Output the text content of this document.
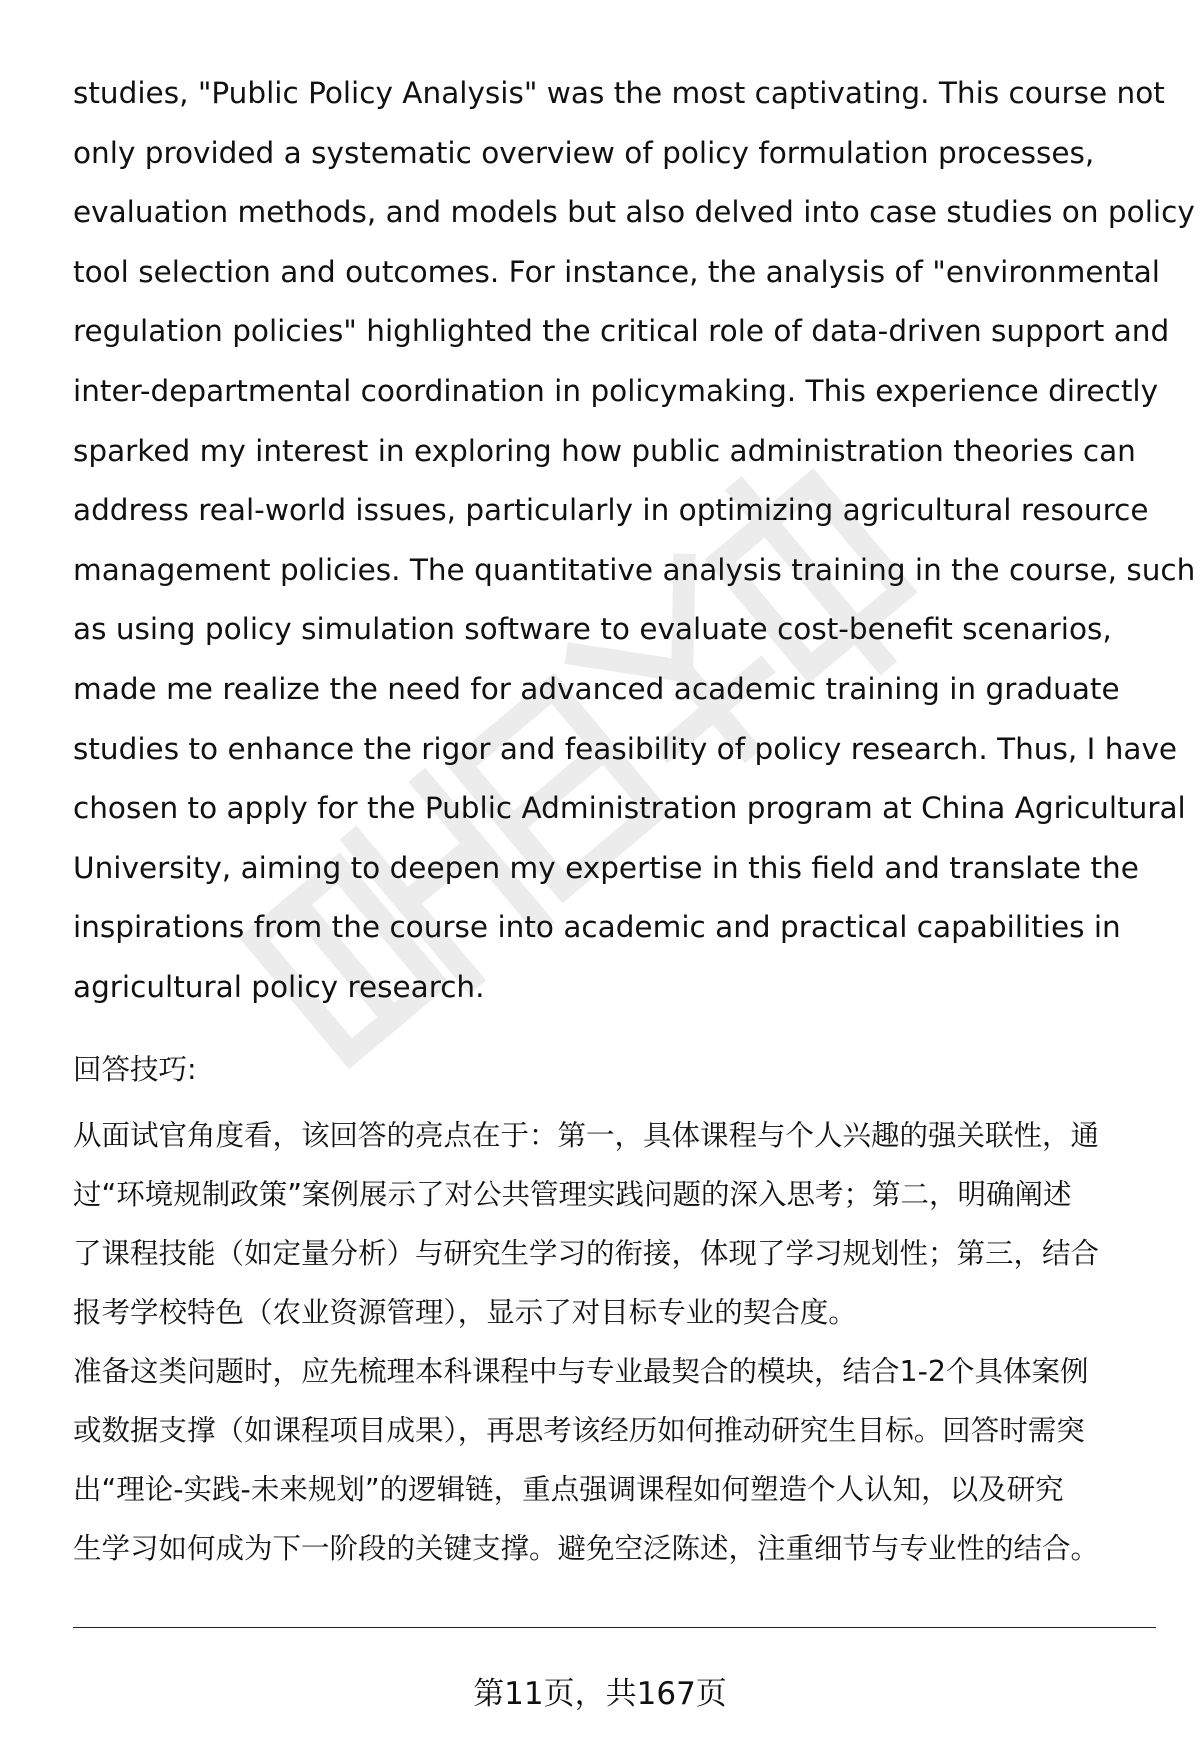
studies, "Public Policy Analysis" was the most captivating. This course not
only provided a systematic overview of policy formulation processes,
evaluation methods, and models but also delved into case studies on policy
tool selection and outcomes. For instance, the analysis of "environmental
regulation policies" highlighted the critical role of data-driven support and
inter-departmental coordination in policymaking. This experience directly
sparked my interest in exploring how public administration theories can
address real-world issues, particularly in optimizing agricultural resource
management policies. The quantitative analysis training in the course, such
as using policy simulation software to evaluate cost-benefit scenarios,
made me realize the need for advanced academic training in graduate
studies to enhance the rigor and feasibility of policy research. Thus, I have
chosen to apply for the Public Administration program at China Agricultural
University, aiming to deepen my expertise in this field and translate the
inspirations from the course into academic and practical capabilities in
agricultural policy research.

回答技巧:

从面试官角度看，该回答的亮点在于：第一，具体课程与个人兴趣的强关联性，通
过“环境规制政策”案例展示了对公共管理实践问题的深入思考；第二，明确阐述
了课程技能（如定量分析）与研究生学习的衔接，体现了学习规划性；第三，结合
报考学校特色（农业资源管理），显示了对目标专业的契合度。

准备这类问题时，应先梳理本科课程中与专业最契合的模块，结合1-2个具体案例
或数据支撑（如课程项目成果），再思考该经历如何推动研究生目标。回答时需突
出“理论-实践-未来规划”的逻辑链，重点强调课程如何塑造个人认知，以及研究
生学习如何成为下一阶段的关键支撑。避免空泛陈述，注重细节与专业性的结合。

第11页，共167页
